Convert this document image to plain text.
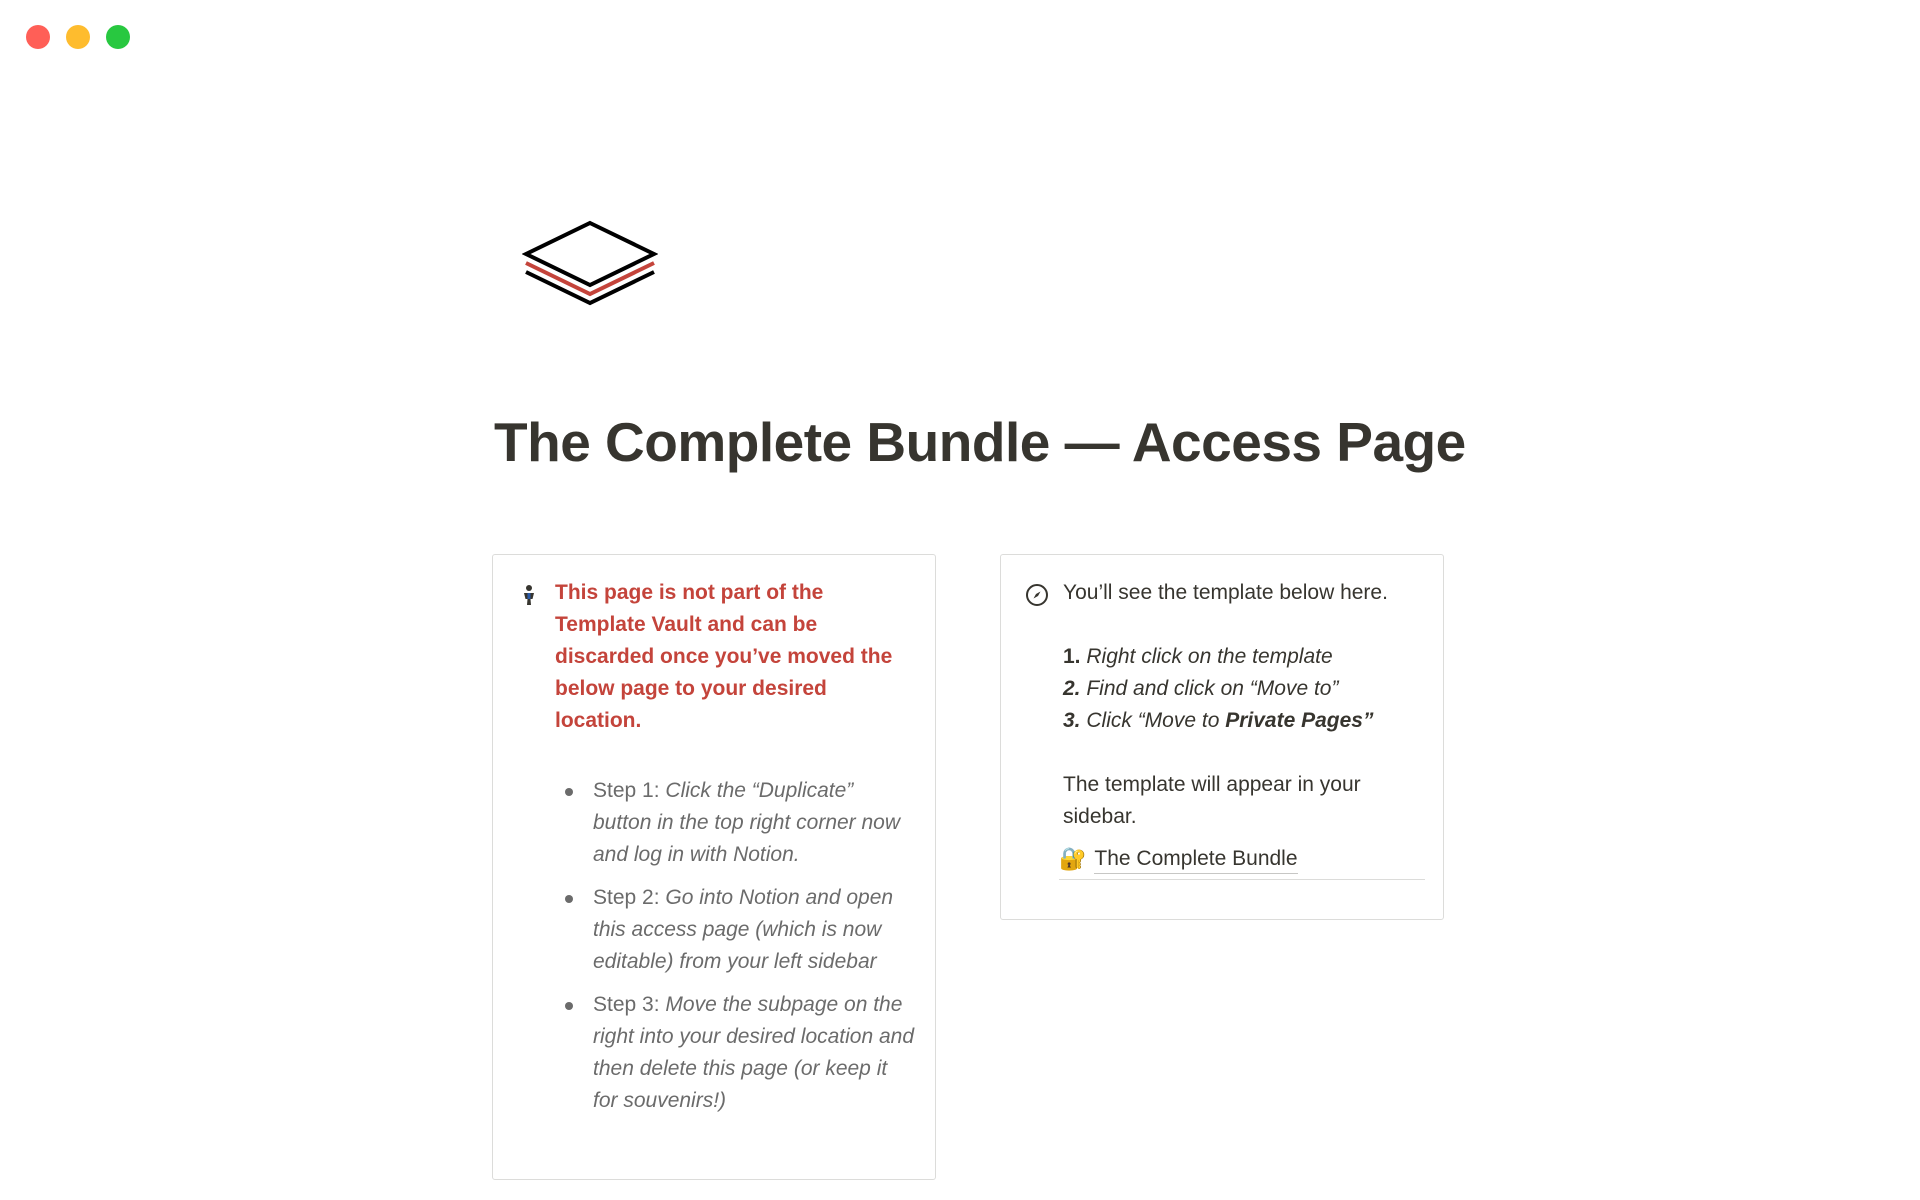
The Complete Bundle — Access Page

This page is not part of the Template Vault and can be discarded once you’ve moved the below page to your desired location.

Step 1: Click the “Duplicate” button in the top right corner now and log in with Notion.
Step 2: Go into Notion and open this access page (which is now editable) from your left sidebar
Step 3: Move the subpage on the right into your desired location and then delete this page (or keep it for souvenirs!)

You’ll see the template below here.

1. Right click on the template

2. Find and click on “Move to”

3. Click “Move to Private Pages”

The template will appear in your sidebar.

🔐 The Complete Bundle
